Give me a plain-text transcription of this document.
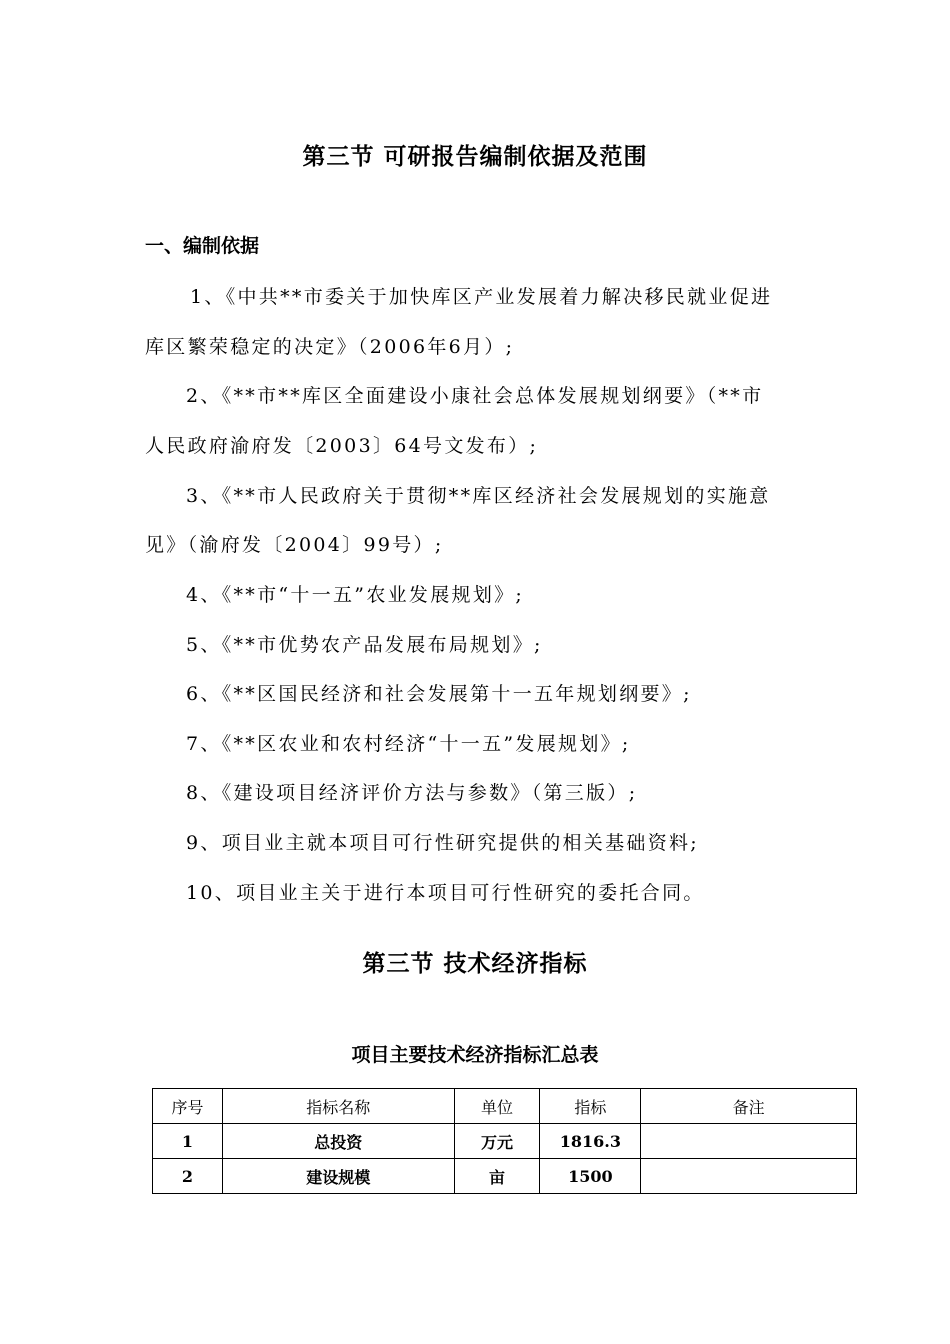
第三节 可研报告编制依据及范围
一、编制依据
1、《中共**市委关于加快库区产业发展着力解决移民就业促进
库区繁荣稳定的决定》（2006年6月）;
2、《**市**库区全面建设小康社会总体发展规划纲要》（**市
人民政府渝府发〔2003〕64号文发布）;
3、《**市人民政府关于贯彻**库区经济社会发展规划的实施意
见》（渝府发〔2004〕99号）;
4、《**市“十一五”农业发展规划》;
5、《**市优势农产品发展布局规划》;
6、《**区国民经济和社会发展第十一五年规划纲要》;
7、《**区农业和农村经济“十一五”发展规划》;
8、《建设项目经济评价方法与参数》（第三版）;
9、项目业主就本项目可行性研究提供的相关基础资料;
10、项目业主关于进行本项目可行性研究的委托合同。
第三节 技术经济指标
项目主要技术经济指标汇总表
序号	指标名称	单位	指标	备注
1	总投资	万元	1816.3	
2	建设规模	亩	1500	
